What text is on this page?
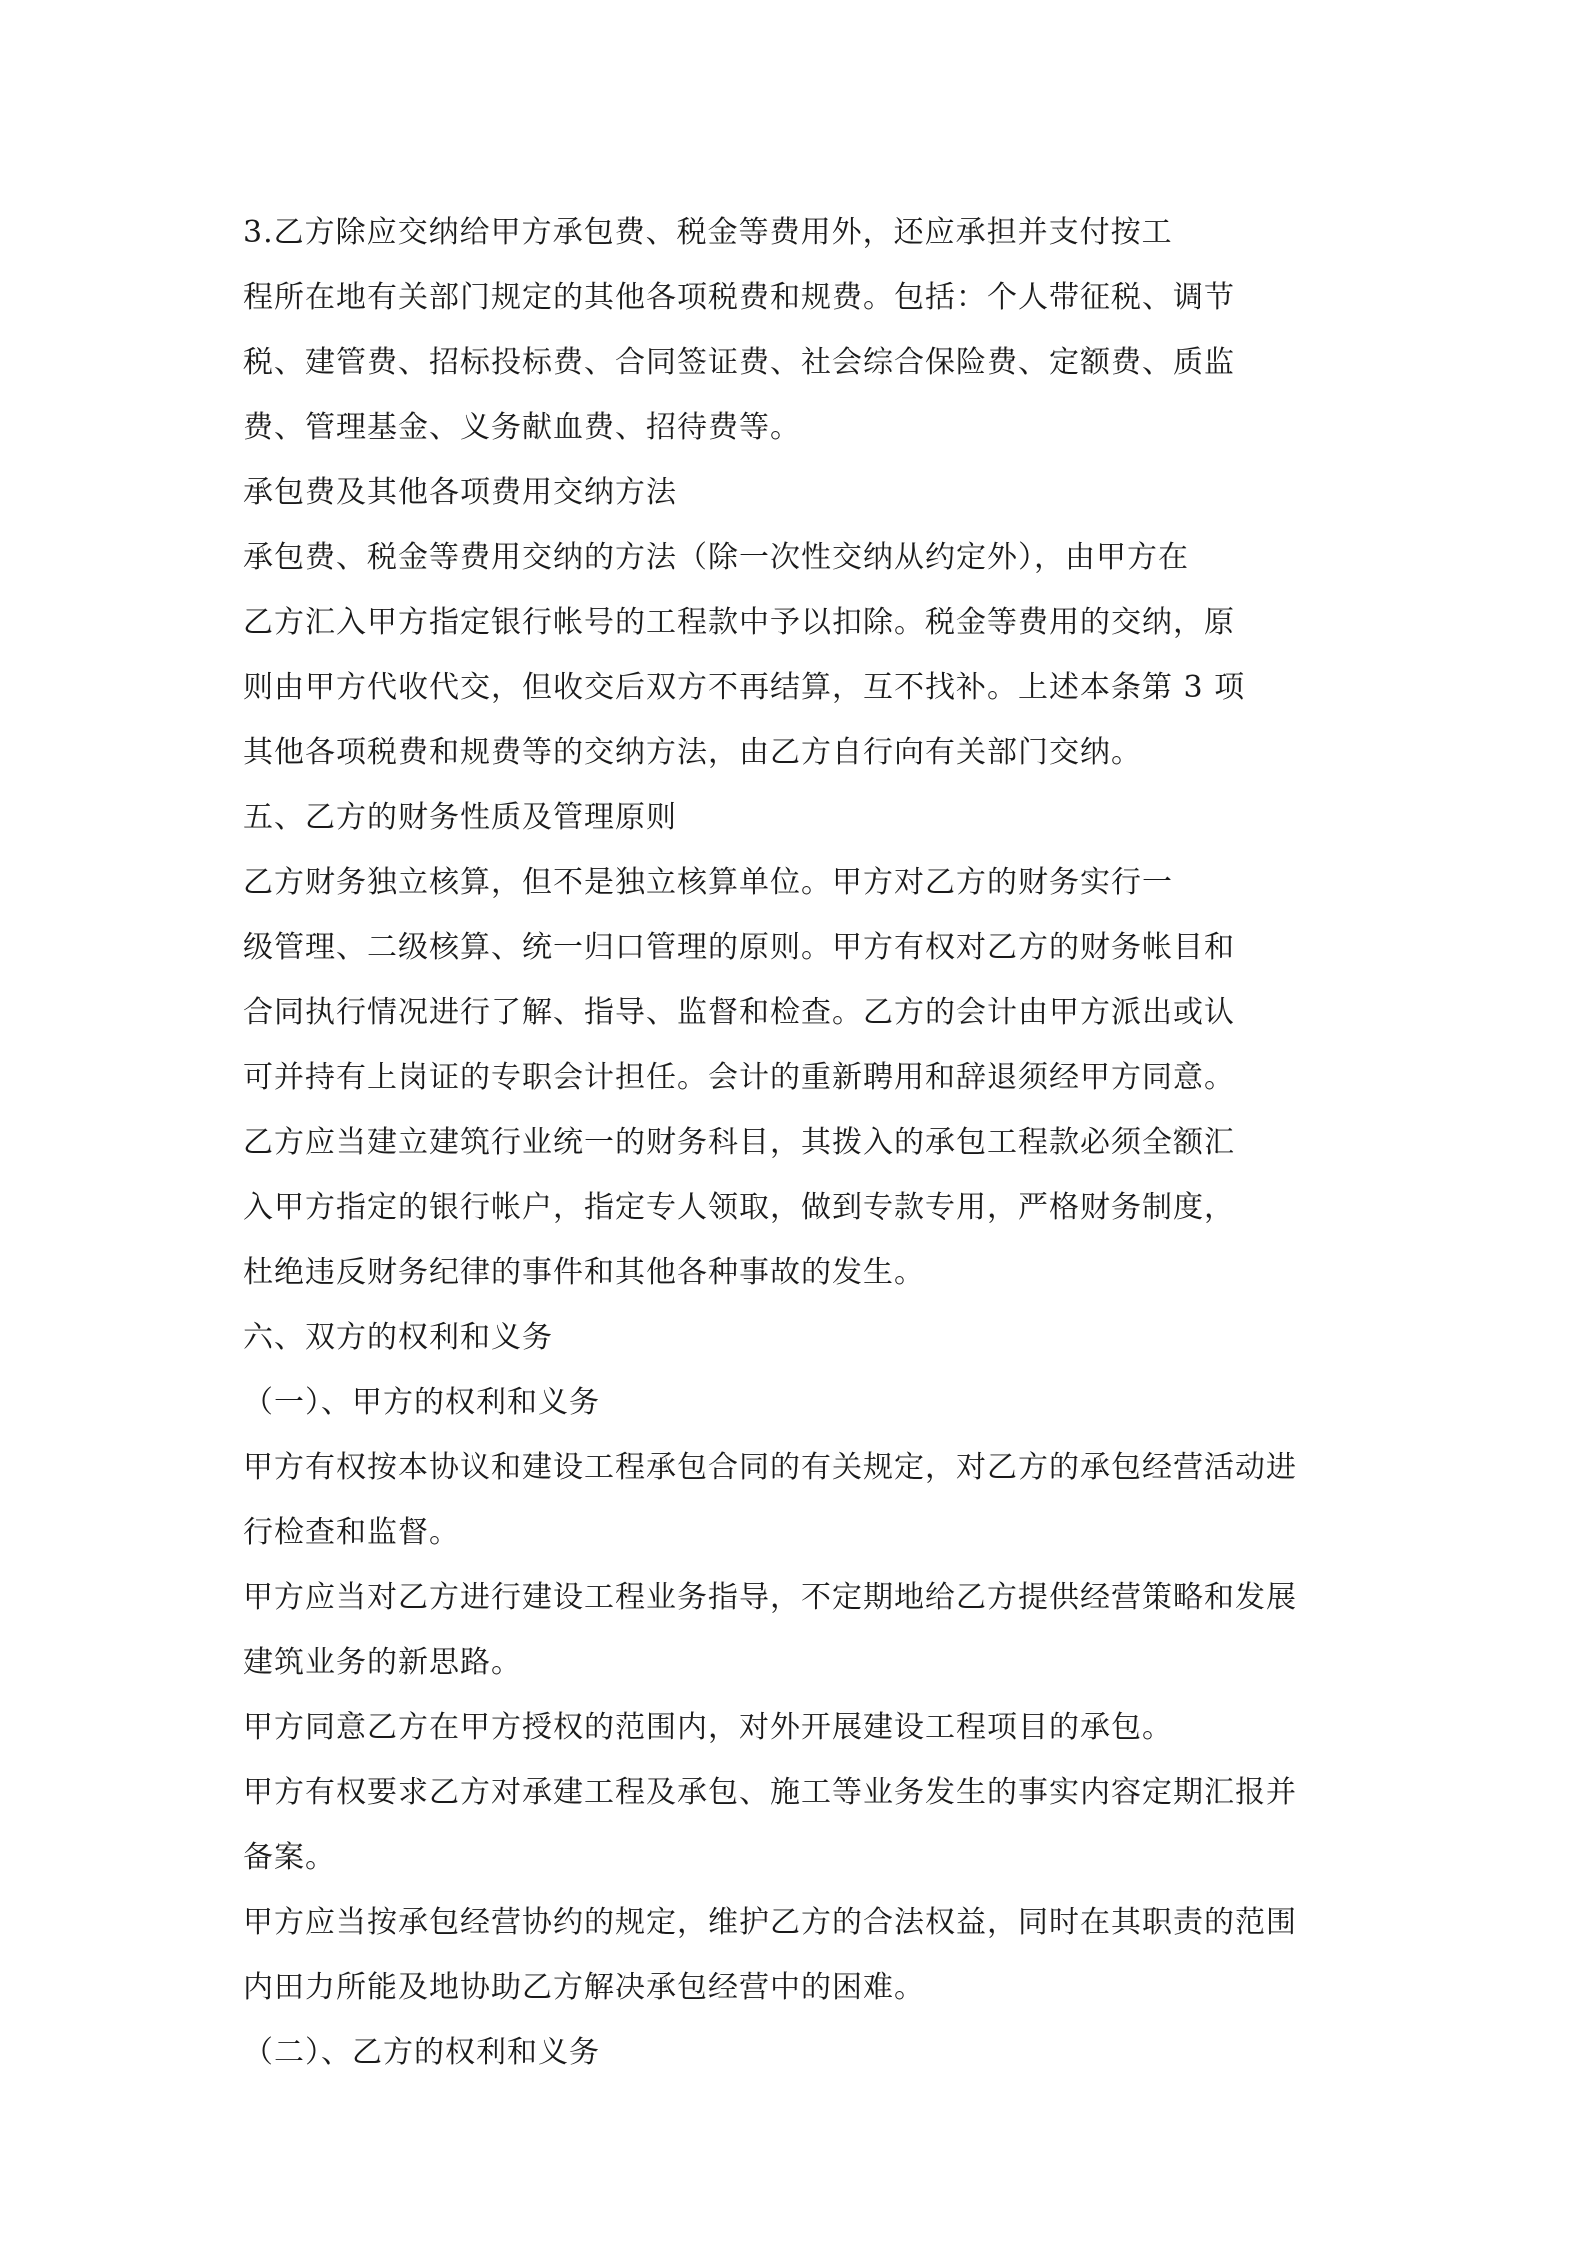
3.乙方除应交纳给甲方承包费、税金等费用外，还应承担并支付按工
程所在地有关部门规定的其他各项税费和规费。包括：个人带征税、调节
税、建管费、招标投标费、合同签证费、社会综合保险费、定额费、质监
费、管理基金、义务献血费、招待费等。
承包费及其他各项费用交纳方法
承包费、税金等费用交纳的方法（除一次性交纳从约定外），由甲方在
乙方汇入甲方指定银行帐号的工程款中予以扣除。税金等费用的交纳，原
则由甲方代收代交，但收交后双方不再结算，互不找补。上述本条第 3 项
其他各项税费和规费等的交纳方法，由乙方自行向有关部门交纳。
五、乙方的财务性质及管理原则
乙方财务独立核算，但不是独立核算单位。甲方对乙方的财务实行一
级管理、二级核算、统一归口管理的原则。甲方有权对乙方的财务帐目和
合同执行情况进行了解、指导、监督和检查。乙方的会计由甲方派出或认
可并持有上岗证的专职会计担任。会计的重新聘用和辞退须经甲方同意。
乙方应当建立建筑行业统一的财务科目，其拨入的承包工程款必须全额汇
入甲方指定的银行帐户，指定专人领取，做到专款专用，严格财务制度，
杜绝违反财务纪律的事件和其他各种事故的发生。
六、双方的权利和义务
（一）、甲方的权利和义务
甲方有权按本协议和建设工程承包合同的有关规定，对乙方的承包经营活动进
行检查和监督。
甲方应当对乙方进行建设工程业务指导，不定期地给乙方提供经营策略和发展
建筑业务的新思路。
甲方同意乙方在甲方授权的范围内，对外开展建设工程项目的承包。
甲方有权要求乙方对承建工程及承包、施工等业务发生的事实内容定期汇报并
备案。
甲方应当按承包经营协约的规定，维护乙方的合法权益，同时在其职责的范围
内田力所能及地协助乙方解决承包经营中的困难。
（二）、乙方的权利和义务
